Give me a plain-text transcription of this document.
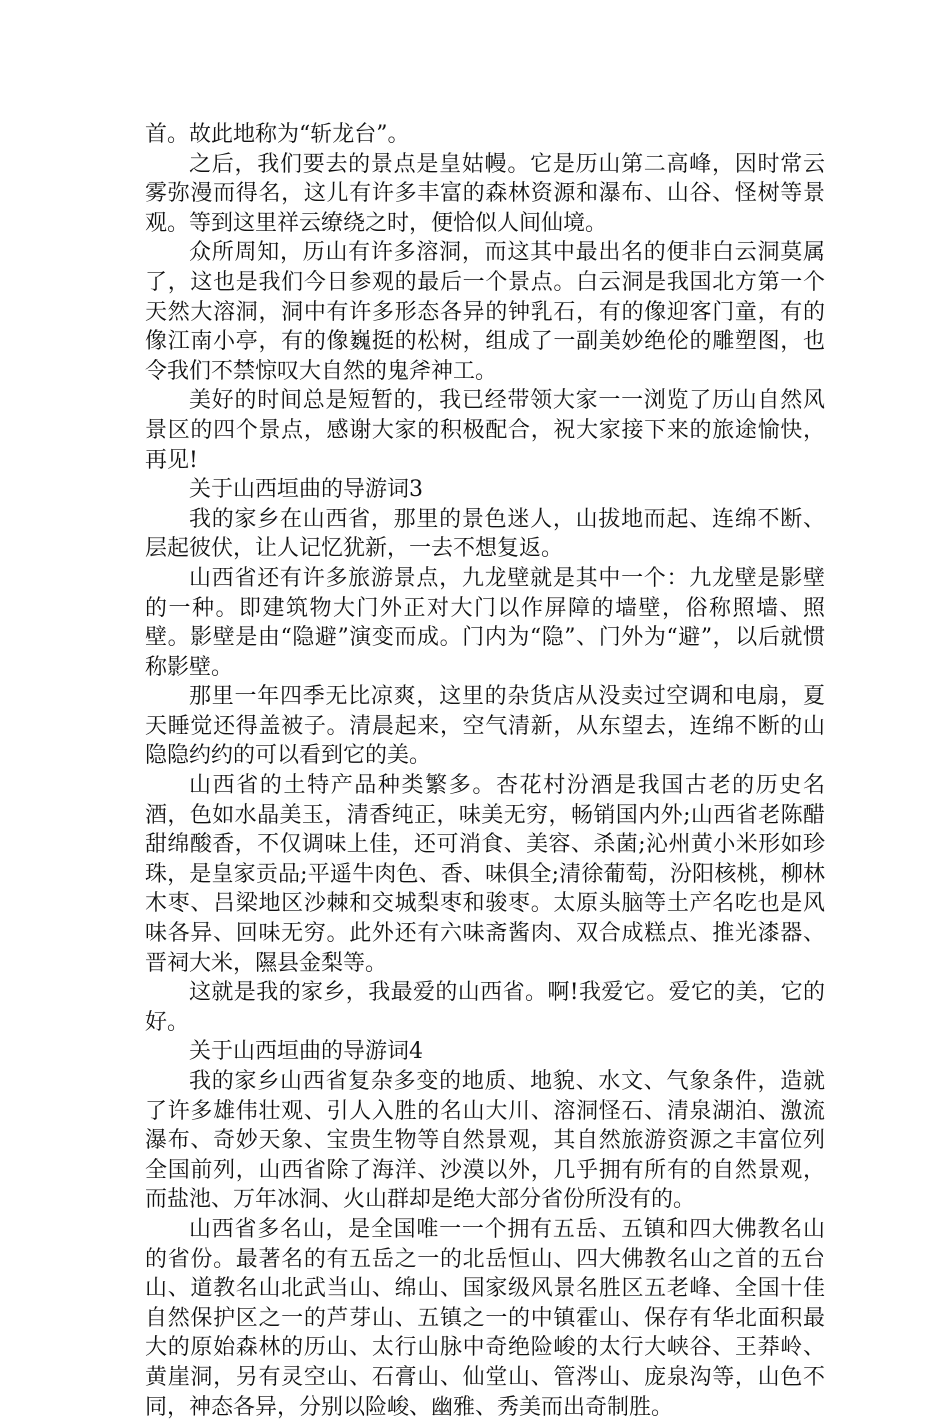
首。故此地称为“斩龙台”。

之后，我们要去的景点是皇姑幔。它是历山第二高峰，因时常云雾弥漫而得名，这儿有许多丰富的森林资源和瀑布、山谷、怪树等景观。等到这里祥云缭绕之时，便恰似人间仙境。

众所周知，历山有许多溶洞，而这其中最出名的便非白云洞莫属了，这也是我们今日参观的最后一个景点。白云洞是我国北方第一个天然大溶洞，洞中有许多形态各异的钟乳石，有的像迎客门童，有的像江南小亭，有的像巍挺的松树，组成了一副美妙绝伦的雕塑图，也令我们不禁惊叹大自然的鬼斧神工。

美好的时间总是短暂的，我已经带领大家一一浏览了历山自然风景区的四个景点，感谢大家的积极配合，祝大家接下来的旅途愉快，再见!

关于山西垣曲的导游词3

我的家乡在山西省，那里的景色迷人，山拔地而起、连绵不断、层起彼伏，让人记忆犹新，一去不想复返。

山西省还有许多旅游景点，九龙壁就是其中一个：九龙壁是影壁的一种。即建筑物大门外正对大门以作屏障的墙壁，俗称照墙、照壁。影壁是由“隐避”演变而成。门内为“隐”、门外为“避”，以后就惯称影壁。

那里一年四季无比凉爽，这里的杂货店从没卖过空调和电扇，夏天睡觉还得盖被子。清晨起来，空气清新，从东望去，连绵不断的山隐隐约约的可以看到它的美。

山西省的土特产品种类繁多。杏花村汾酒是我国古老的历史名酒，色如水晶美玉，清香纯正，味美无穷，畅销国内外;山西省老陈醋甜绵酸香，不仅调味上佳，还可消食、美容、杀菌;沁州黄小米形如珍珠，是皇家贡品;平遥牛肉色、香、味俱全;清徐葡萄，汾阳核桃，柳林木枣、吕梁地区沙棘和交城梨枣和骏枣。太原头脑等土产名吃也是风味各异、回味无穷。此外还有六味斋酱肉、双合成糕点、推光漆器、晋祠大米，隰县金梨等。

这就是我的家乡，我最爱的山西省。啊!我爱它。爱它的美，它的好。

关于山西垣曲的导游词4

我的家乡山西省复杂多变的地质、地貌、水文、气象条件，造就了许多雄伟壮观、引人入胜的名山大川、溶洞怪石、清泉湖泊、激流瀑布、奇妙天象、宝贵生物等自然景观，其自然旅游资源之丰富位列全国前列，山西省除了海洋、沙漠以外，几乎拥有所有的自然景观，而盐池、万年冰洞、火山群却是绝大部分省份所没有的。

山西省多名山，是全国唯一一个拥有五岳、五镇和四大佛教名山的省份。最著名的有五岳之一的北岳恒山、四大佛教名山之首的五台山、道教名山北武当山、绵山、国家级风景名胜区五老峰、全国十佳自然保护区之一的芦芽山、五镇之一的中镇霍山、保存有华北面积最大的原始森林的历山、太行山脉中奇绝险峻的太行大峡谷、王莽岭、黄崖洞，另有灵空山、石膏山、仙堂山、管涔山、庞泉沟等，山色不同，神态各异，分别以险峻、幽雅、秀美而出奇制胜。
